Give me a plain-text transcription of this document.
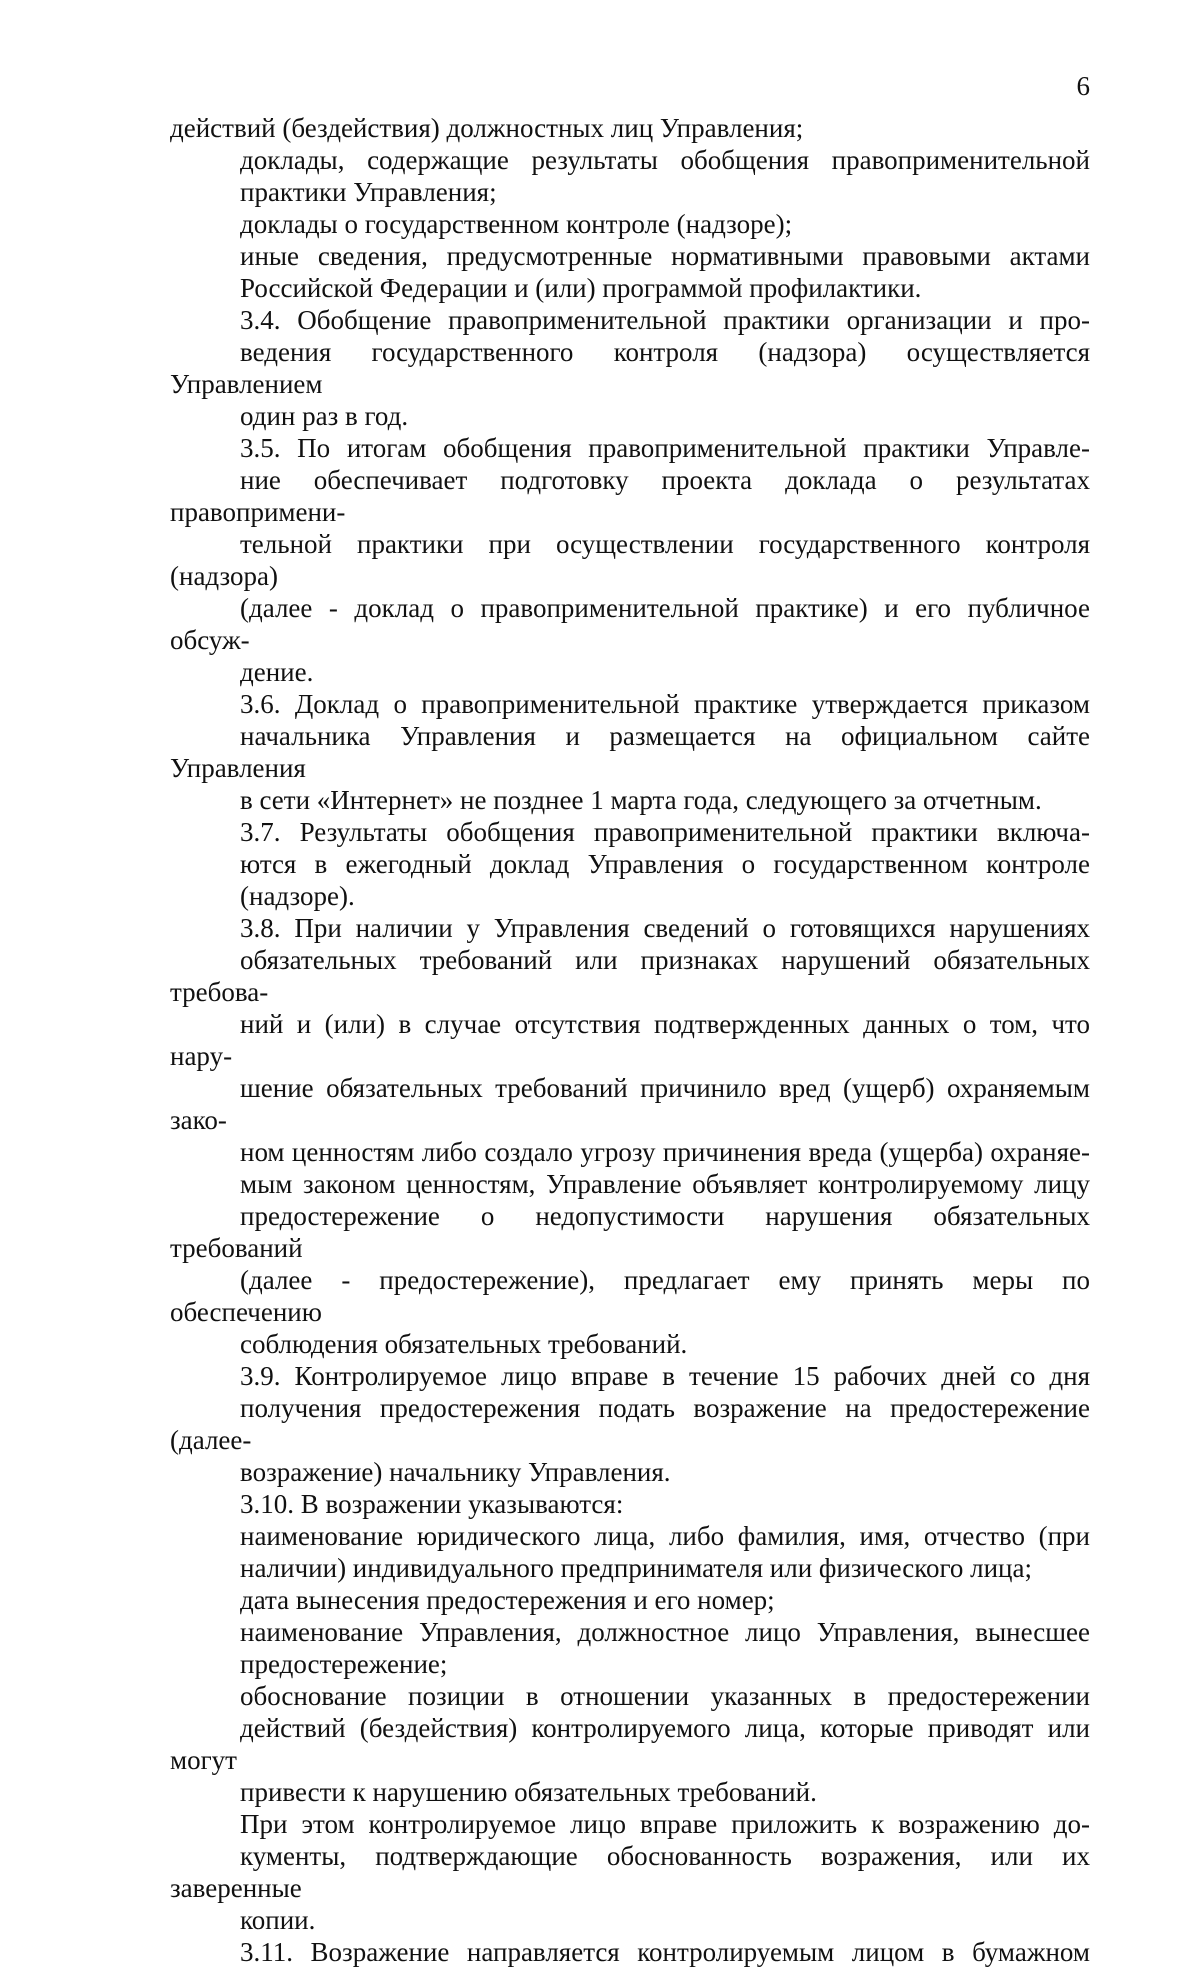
6

действий (бездействия) должностных лиц Управления;

доклады, содержащие результаты обобщения правоприменительной
практики Управления;

доклады о государственном контроле (надзоре);

иные сведения, предусмотренные нормативными правовыми актами
Российской Федерации и (или) программой профилактики.

3.4. Обобщение правоприменительной практики организации и про-
ведения государственного контроля (надзора) осуществляется Управлением
один раз в год.

3.5. По итогам обобщения правоприменительной практики Управле-
ние обеспечивает подготовку проекта доклада о результатах правопримени-
тельной практики при осуществлении государственного контроля (надзора)
(далее - доклад о правоприменительной практике) и его публичное обсуж-
дение.

3.6. Доклад о правоприменительной практике утверждается приказом
начальника Управления и размещается на официальном сайте Управления
в сети «Интернет» не позднее 1 марта года, следующего за отчетным.

3.7. Результаты обобщения правоприменительной практики включа-
ются в ежегодный доклад Управления о государственном контроле
(надзоре).

3.8. При наличии у Управления сведений о готовящихся нарушениях
обязательных требований или признаках нарушений обязательных требова-
ний и (или) в случае отсутствия подтвержденных данных о том, что нару-
шение обязательных требований причинило вред (ущерб) охраняемым зако-
ном ценностям либо создало угрозу причинения вреда (ущерба) охраняе-
мым законом ценностям, Управление объявляет контролируемому лицу
предостережение о недопустимости нарушения обязательных требований
(далее - предостережение), предлагает ему принять меры по обеспечению
соблюдения обязательных требований.

3.9. Контролируемое лицо вправе в течение 15 рабочих дней со дня
получения предостережения подать возражение на предостережение (далее-
возражение) начальнику Управления.

3.10. В возражении указываются:

наименование юридического лица, либо фамилия, имя, отчество (при
наличии) индивидуального предпринимателя или физического лица;

дата вынесения предостережения и его номер;

наименование Управления, должностное лицо Управления, вынесшее
предостережение;

обоснование позиции в отношении указанных в предостережении
действий (бездействия) контролируемого лица, которые приводят или могут
привести к нарушению обязательных требований.

При этом контролируемое лицо вправе приложить к возражению до-
кументы, подтверждающие обоснованность возражения, или их заверенные
копии.

3.11. Возражение направляется контролируемым лицом в бумажном
